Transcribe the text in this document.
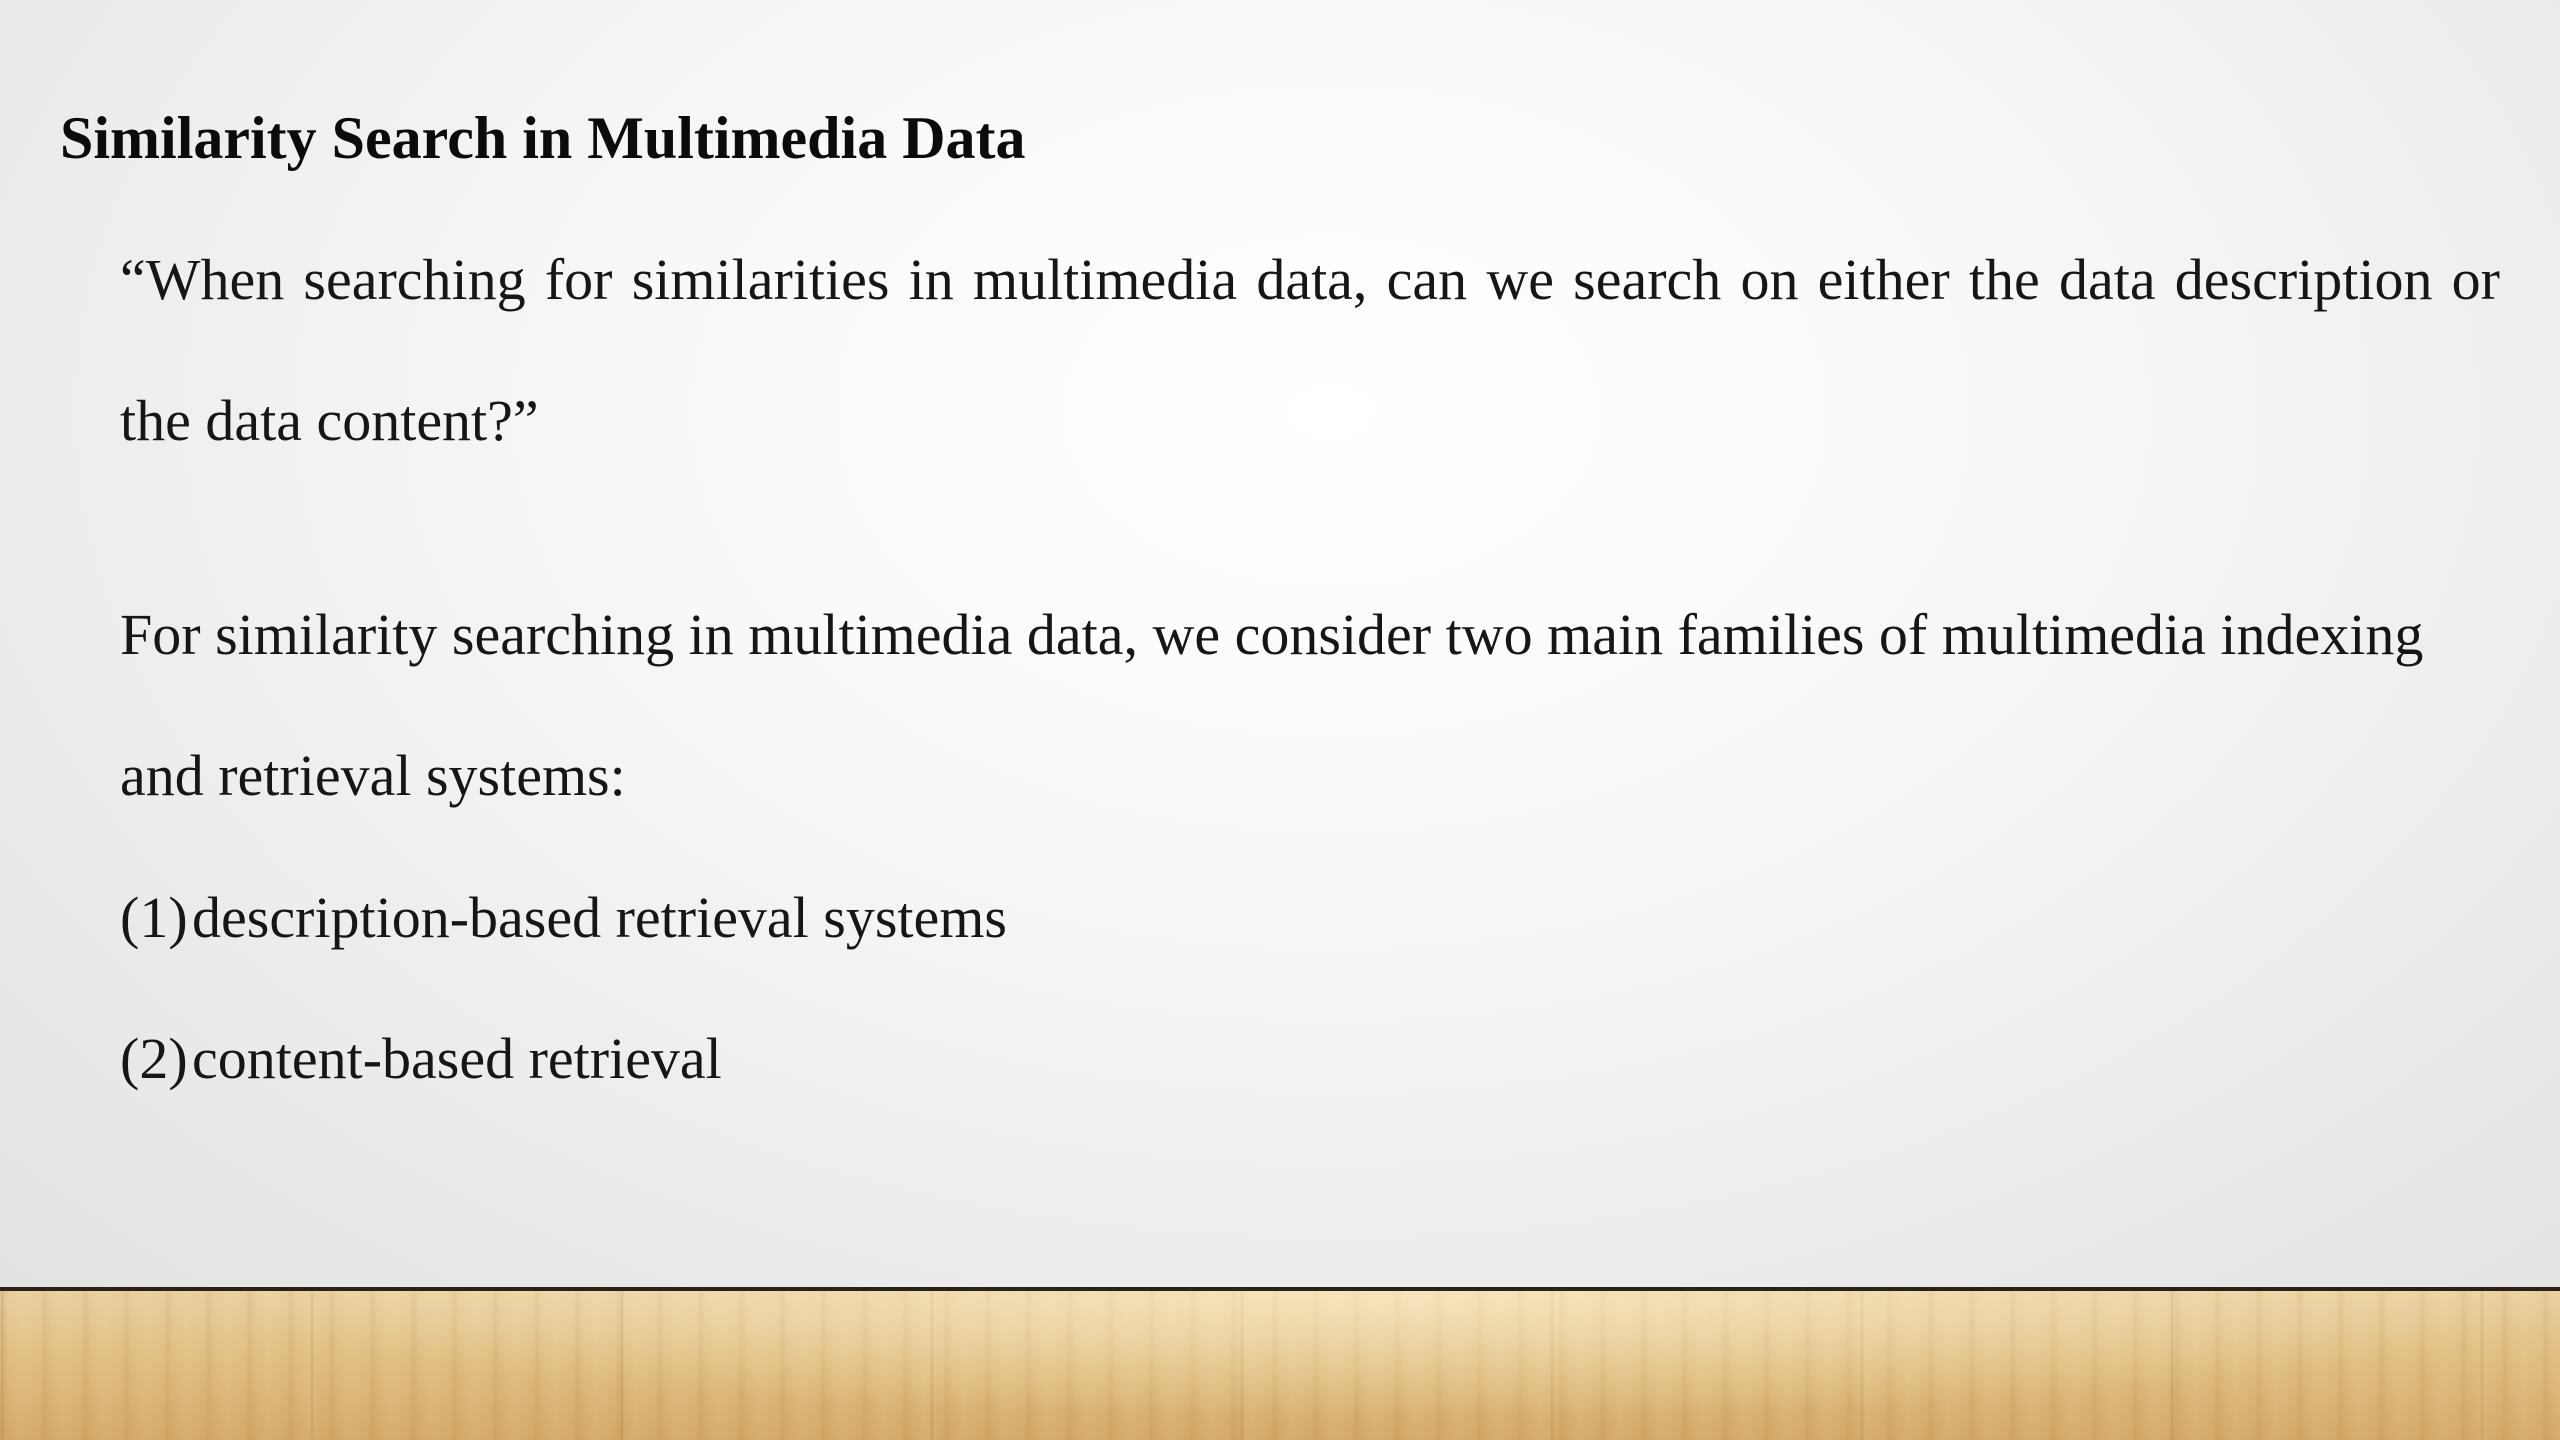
Similarity Search in Multimedia Data

“When searching for similarities in multimedia data, can we search on either the data description or the data content?”

For similarity searching in multimedia data, we consider two main families of multimedia indexing and retrieval systems:

(1) description-based retrieval systems
(2) content-based retrieval
